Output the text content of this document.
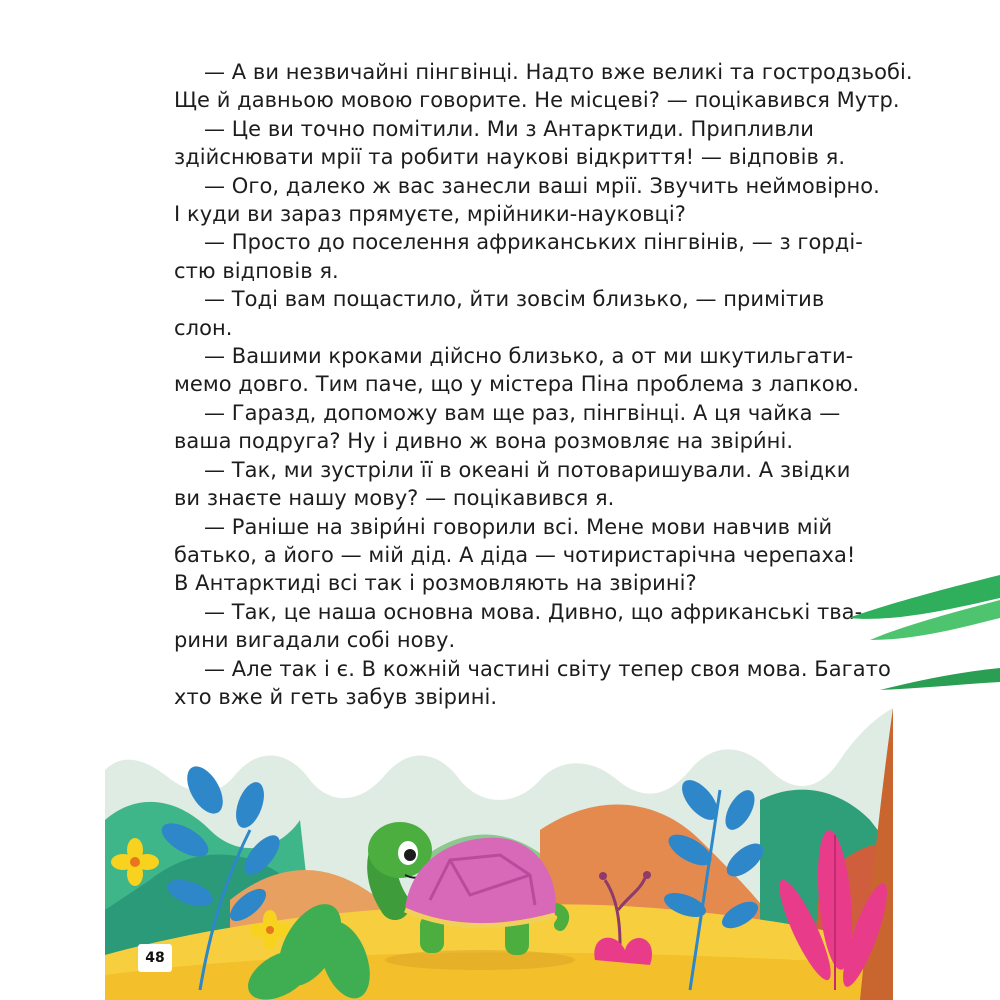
— А ви незвичайні пінгвінці. Надто вже великі та гостродзьобі.
Ще й давньою мовою говорите. Не місцеві? — поцікавився Мутр.
— Це ви точно помітили. Ми з Антарктиди. Припливли
здійснювати мрії та робити наукові відкриття! — відповів я.
— Ого, далеко ж вас занесли ваші мрії. Звучить неймовірно.
І куди ви зараз прямуєте, мрійники-науковці?
— Просто до поселення африканських пінгвінів, — з горді-
стю відповів я.
— Тоді вам пощастило, йти зовсім близько, — примітив
слон.
— Вашими кроками дійсно близько, а от ми шкутильгати-
мемо довго. Тим паче, що у містера Піна проблема з лапкою.
— Гаразд, допоможу вам ще раз, пінгвінці. А ця чайка —
ваша подруга? Ну і дивно ж вона розмовляє на звіри́ні.
— Так, ми зустріли її в океані й потоваришували. А звідки
ви знаєте нашу мову? — поцікавився я.
— Раніше на звіри́ні говорили всі. Мене мови навчив мій
батько, а його — мій дід. А діда — чотиристарічна черепаха!
В Антарктиді всі так і розмовляють на звірині?
— Так, це наша основна мова. Дивно, що африканські тва-
рини вигадали собі нову.
— Але так і є. В кожній частині світу тепер своя мова. Багато
хто вже й геть забув звірині.
48
